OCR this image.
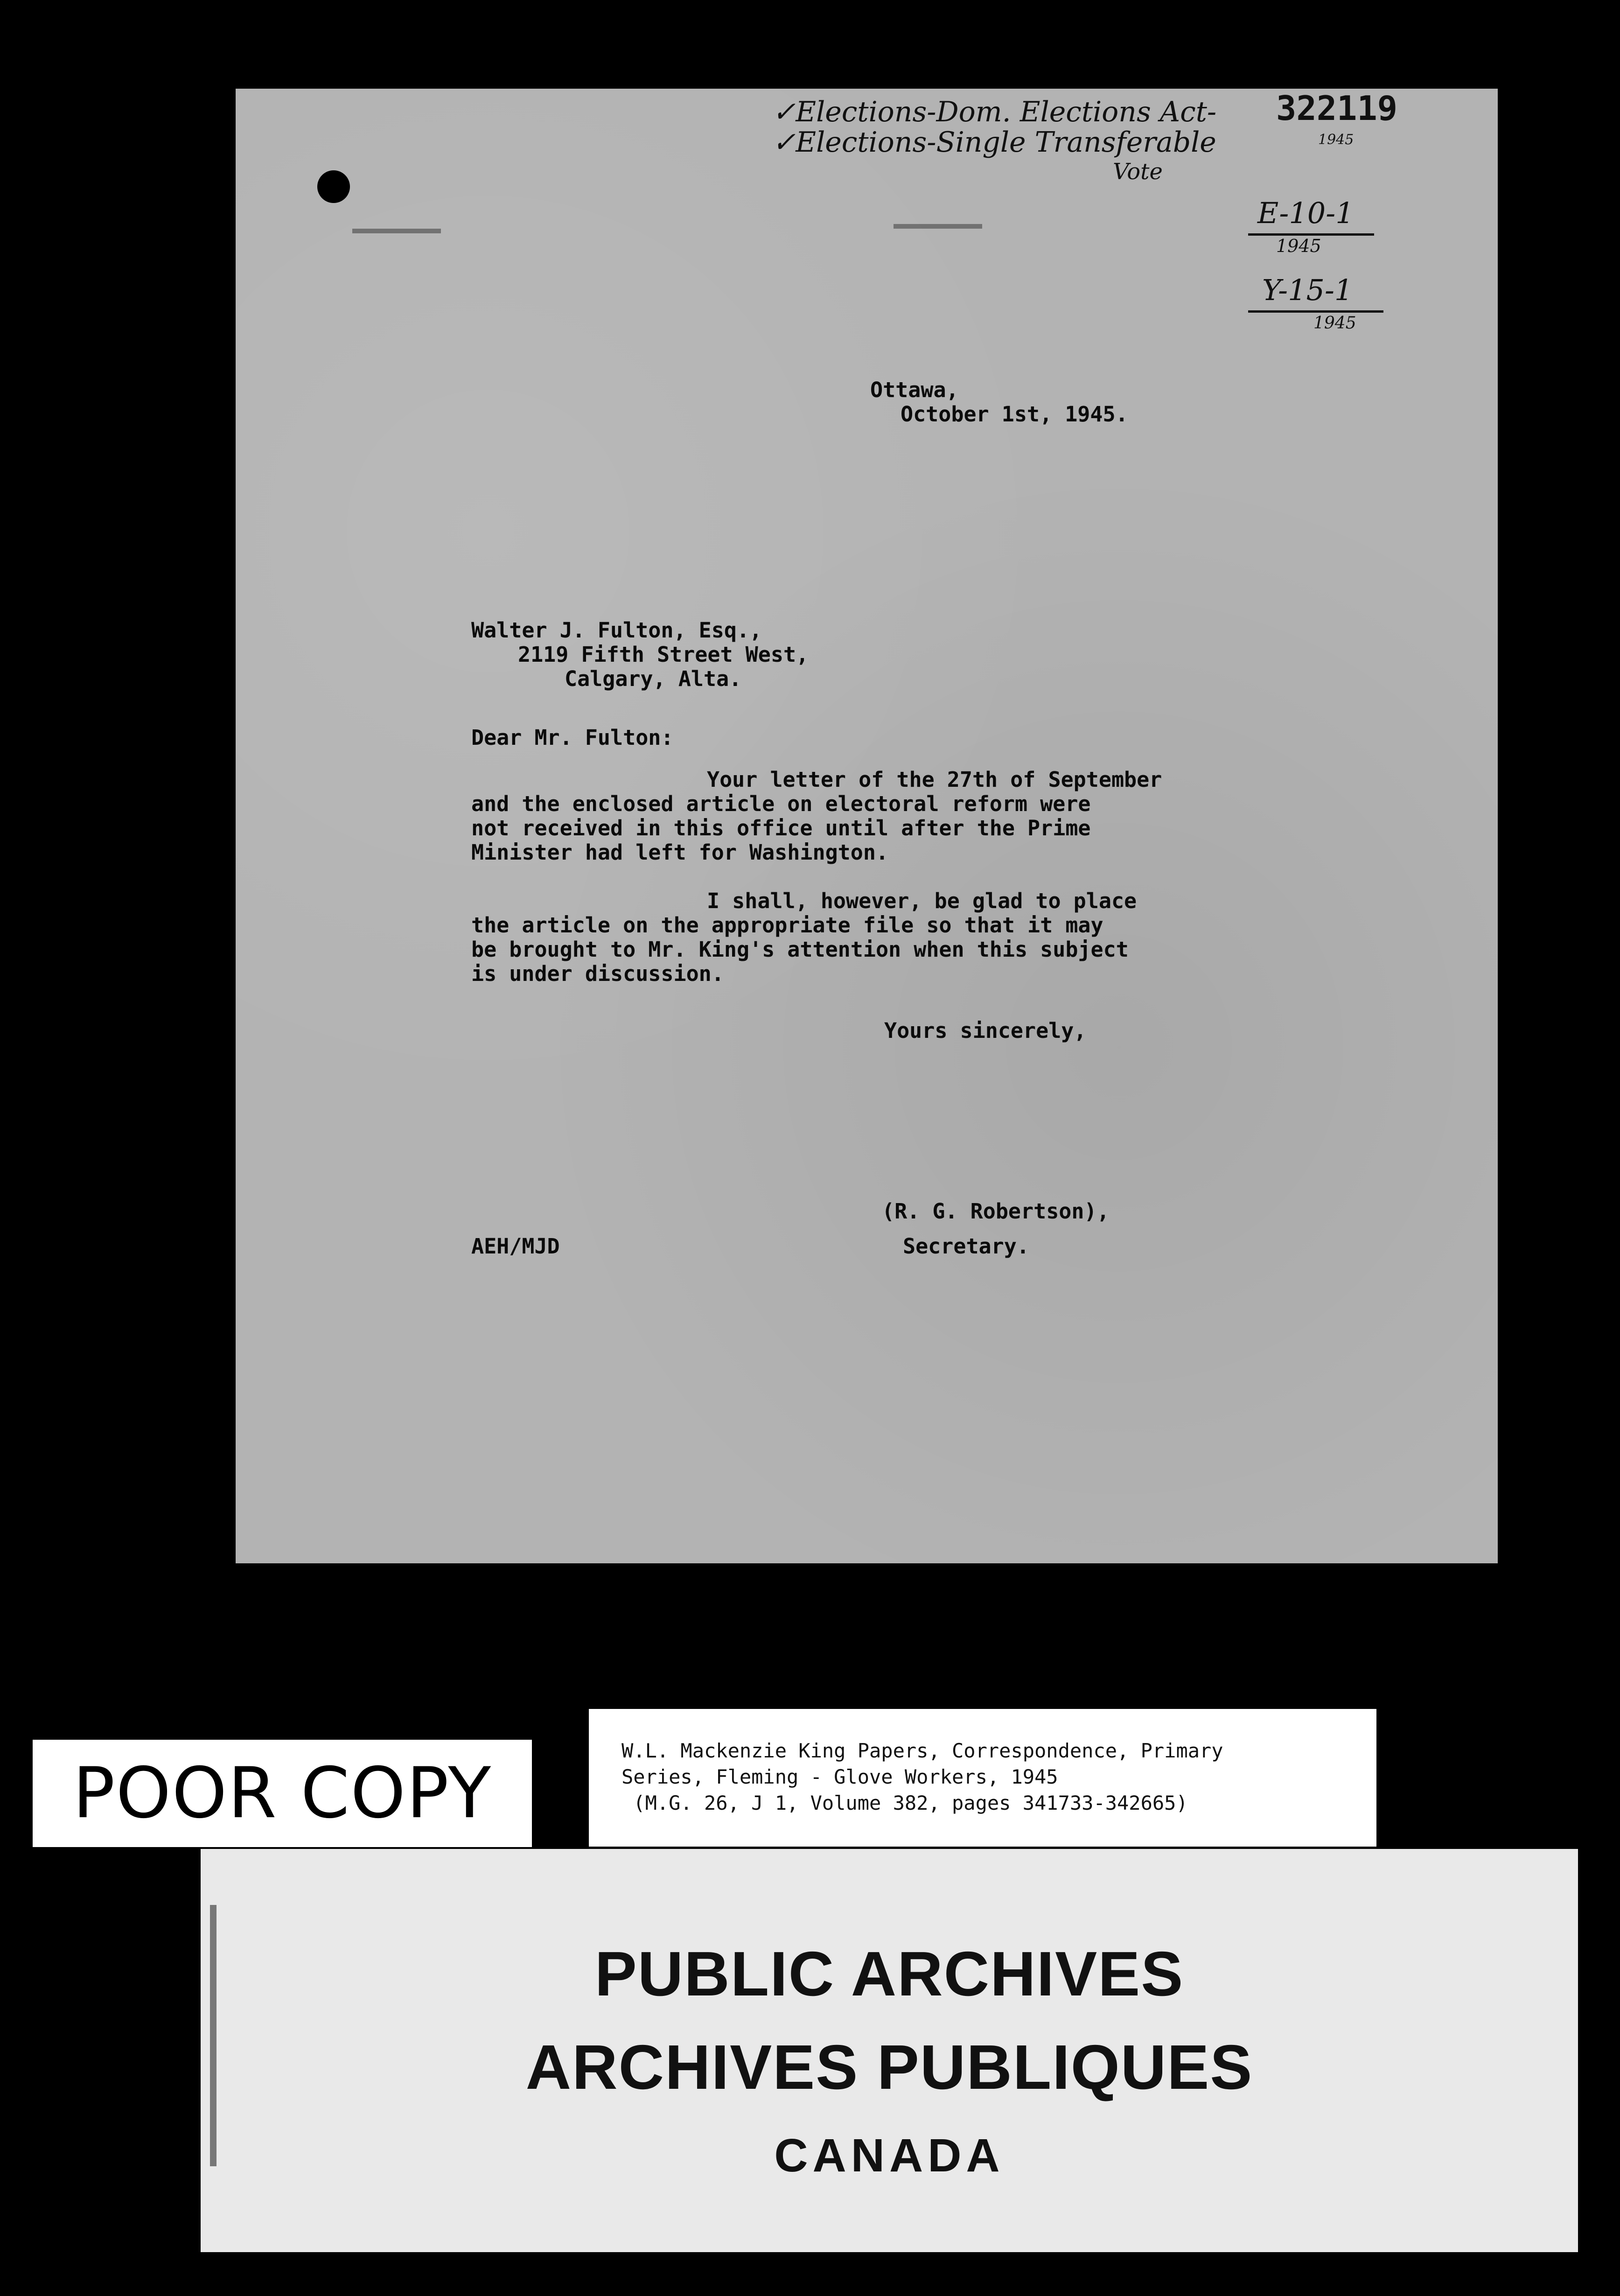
✓Elections-Dom. Elections Act-
✓Elections-Single Transferable
Vote
1945
322119
E-10-1
1945
Y-15-1
1945
Ottawa,
October 1st, 1945.
Walter J. Fulton, Esq.,
2119 Fifth Street West,
Calgary, Alta.
Dear Mr. Fulton:
Your letter of the 27th of September
and the enclosed article on electoral reform were
not received in this office until after the Prime
Minister had left for Washington.
I shall, however, be glad to place
the article on the appropriate file so that it may
be brought to Mr. King's attention when this subject
is under discussion.
Yours sincerely,
(R. G. Robertson),
AEH/MJD	Secretary.
POOR COPY
W.L. Mackenzie King Papers, Correspondence, Primary
Series, Fleming - Glove Workers, 1945
(M.G. 26, J 1, Volume 382, pages 341733-342665)
PUBLIC ARCHIVES
ARCHIVES PUBLIQUES
CANADA
